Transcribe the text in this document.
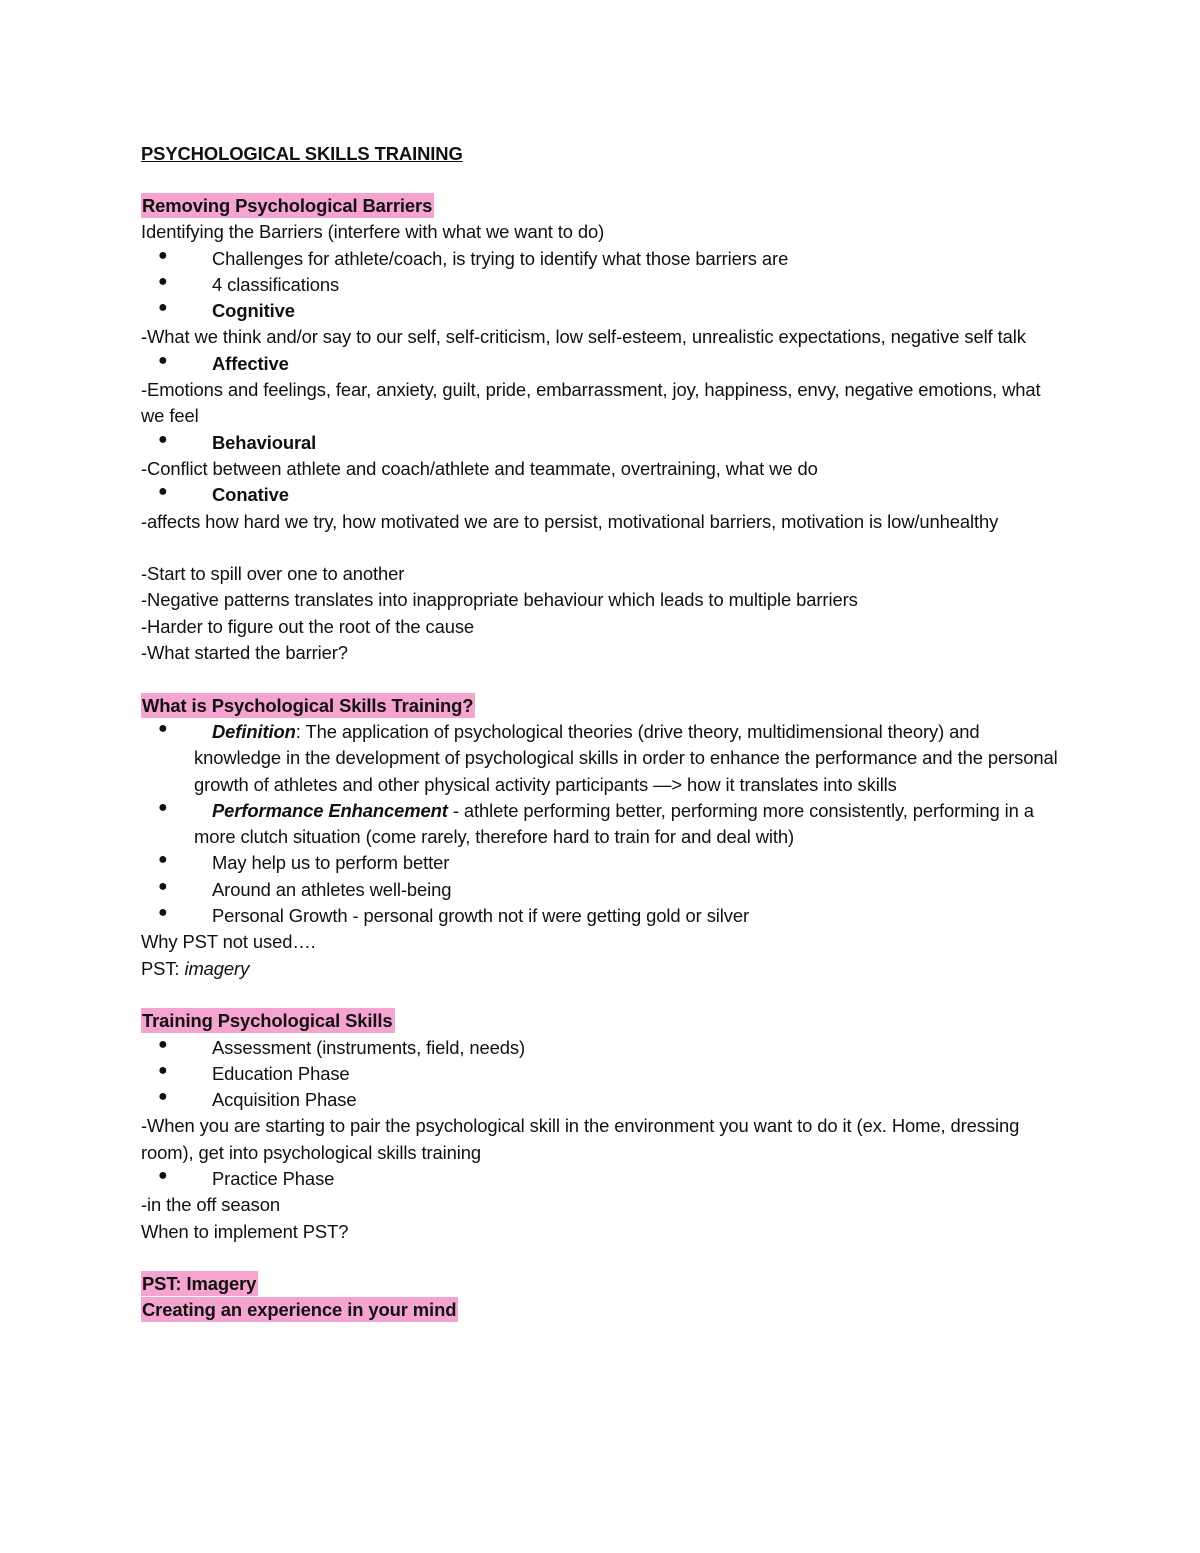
PSYCHOLOGICAL SKILLS TRAINING
Removing Psychological Barriers
Identifying the Barriers (interfere with what we want to do)
● Challenges for athlete/coach, is trying to identify what those barriers are
● 4 classifications
● Cognitive
-What we think and/or say to our self, self-criticism, low self-esteem, unrealistic expectations, negative self talk
● Affective
-Emotions and feelings, fear, anxiety, guilt, pride, embarrassment, joy, happiness, envy, negative emotions, what we feel
● Behavioural
-Conflict between athlete and coach/athlete and teammate, overtraining, what we do
● Conative
-affects how hard we try, how motivated we are to persist, motivational barriers, motivation is low/unhealthy
-Start to spill over one to another
-Negative patterns translates into inappropriate behaviour which leads to multiple barriers
-Harder to figure out the root of the cause
-What started the barrier?
What is Psychological Skills Training?
● Definition: The application of psychological theories (drive theory, multidimensional theory) and knowledge in the development of psychological skills in order to enhance the performance and the personal growth of athletes and other physical activity participants —> how it translates into skills
● Performance Enhancement - athlete performing better, performing more consistently, performing in a more clutch situation (come rarely, therefore hard to train for and deal with)
● May help us to perform better
● Around an athletes well-being
● Personal Growth - personal growth not if were getting gold or silver
Why PST not used….
PST: imagery
Training Psychological Skills
● Assessment (instruments, field, needs)
● Education Phase
● Acquisition Phase
-When you are starting to pair the psychological skill in the environment you want to do it (ex. Home, dressing room), get into psychological skills training
● Practice Phase
-in the off season
When to implement PST?
PST: Imagery
Creating an experience in your mind
